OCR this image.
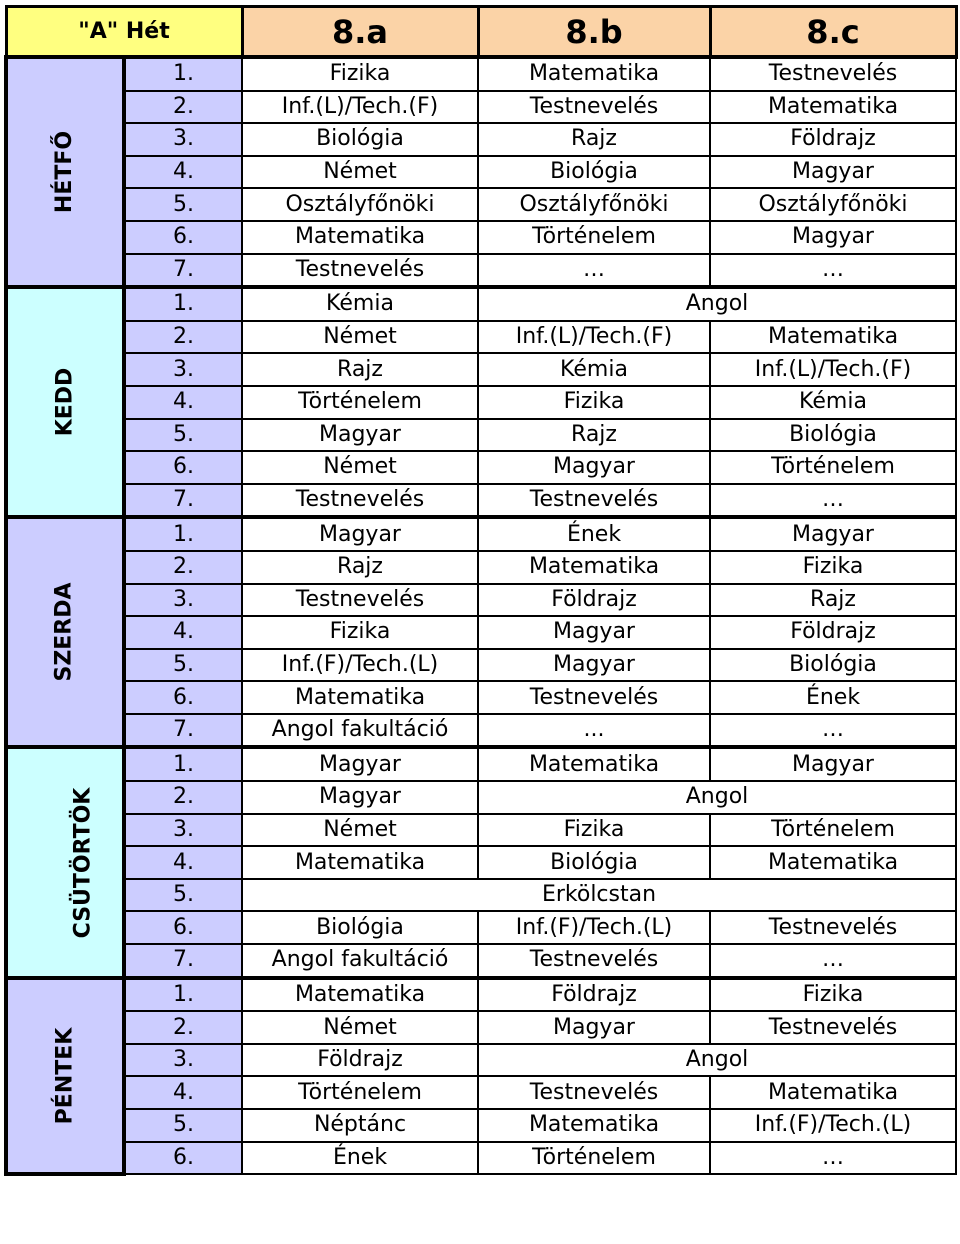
"A" Hét		8.a	8.b	8.c
HÉTFŐ	1.	Fizika	Matematika	Testnevelés
	2.	Inf.(L)/Tech.(F)	Testnevelés	Matematika
	3.	Biológia	Rajz	Földrajz
	4.	Német	Biológia	Magyar
	5.	Osztályfőnöki	Osztályfőnöki	Osztályfőnöki
	6.	Matematika	Történelem	Magyar
	7.	Testnevelés	…	…
KEDD	1.	Kémia	Angol	
	2.	Német	Inf.(L)/Tech.(F)	Matematika
	3.	Rajz	Kémia	Inf.(L)/Tech.(F)
	4.	Történelem	Fizika	Kémia
	5.	Magyar	Rajz	Biológia
	6.	Német	Magyar	Történelem
	7.	Testnevelés	Testnevelés	…
SZERDA	1.	Magyar	Ének	Magyar
	2.	Rajz	Matematika	Fizika
	3.	Testnevelés	Földrajz	Rajz
	4.	Fizika	Magyar	Földrajz
	5.	Inf.(F)/Tech.(L)	Magyar	Biológia
	6.	Matematika	Testnevelés	Ének
	7.	Angol fakultáció	...	…
CSÜTÖRTÖK	1.	Magyar	Matematika	Magyar
	2.	Magyar	Angol	
	3.	Német	Fizika	Történelem
	4.	Matematika	Biológia	Matematika
	5.	Erkölcstan		
	6.	Biológia	Inf.(F)/Tech.(L)	Testnevelés
	7.	Angol fakultáció	Testnevelés	…
PÉNTEK	1.	Matematika	Földrajz	Fizika
	2.	Német	Magyar	Testnevelés
	3.	Földrajz	Angol	
	4.	Történelem	Testnevelés	Matematika
	5.	Néptánc	Matematika	Inf.(F)/Tech.(L)
	6.	Ének	Történelem	…
